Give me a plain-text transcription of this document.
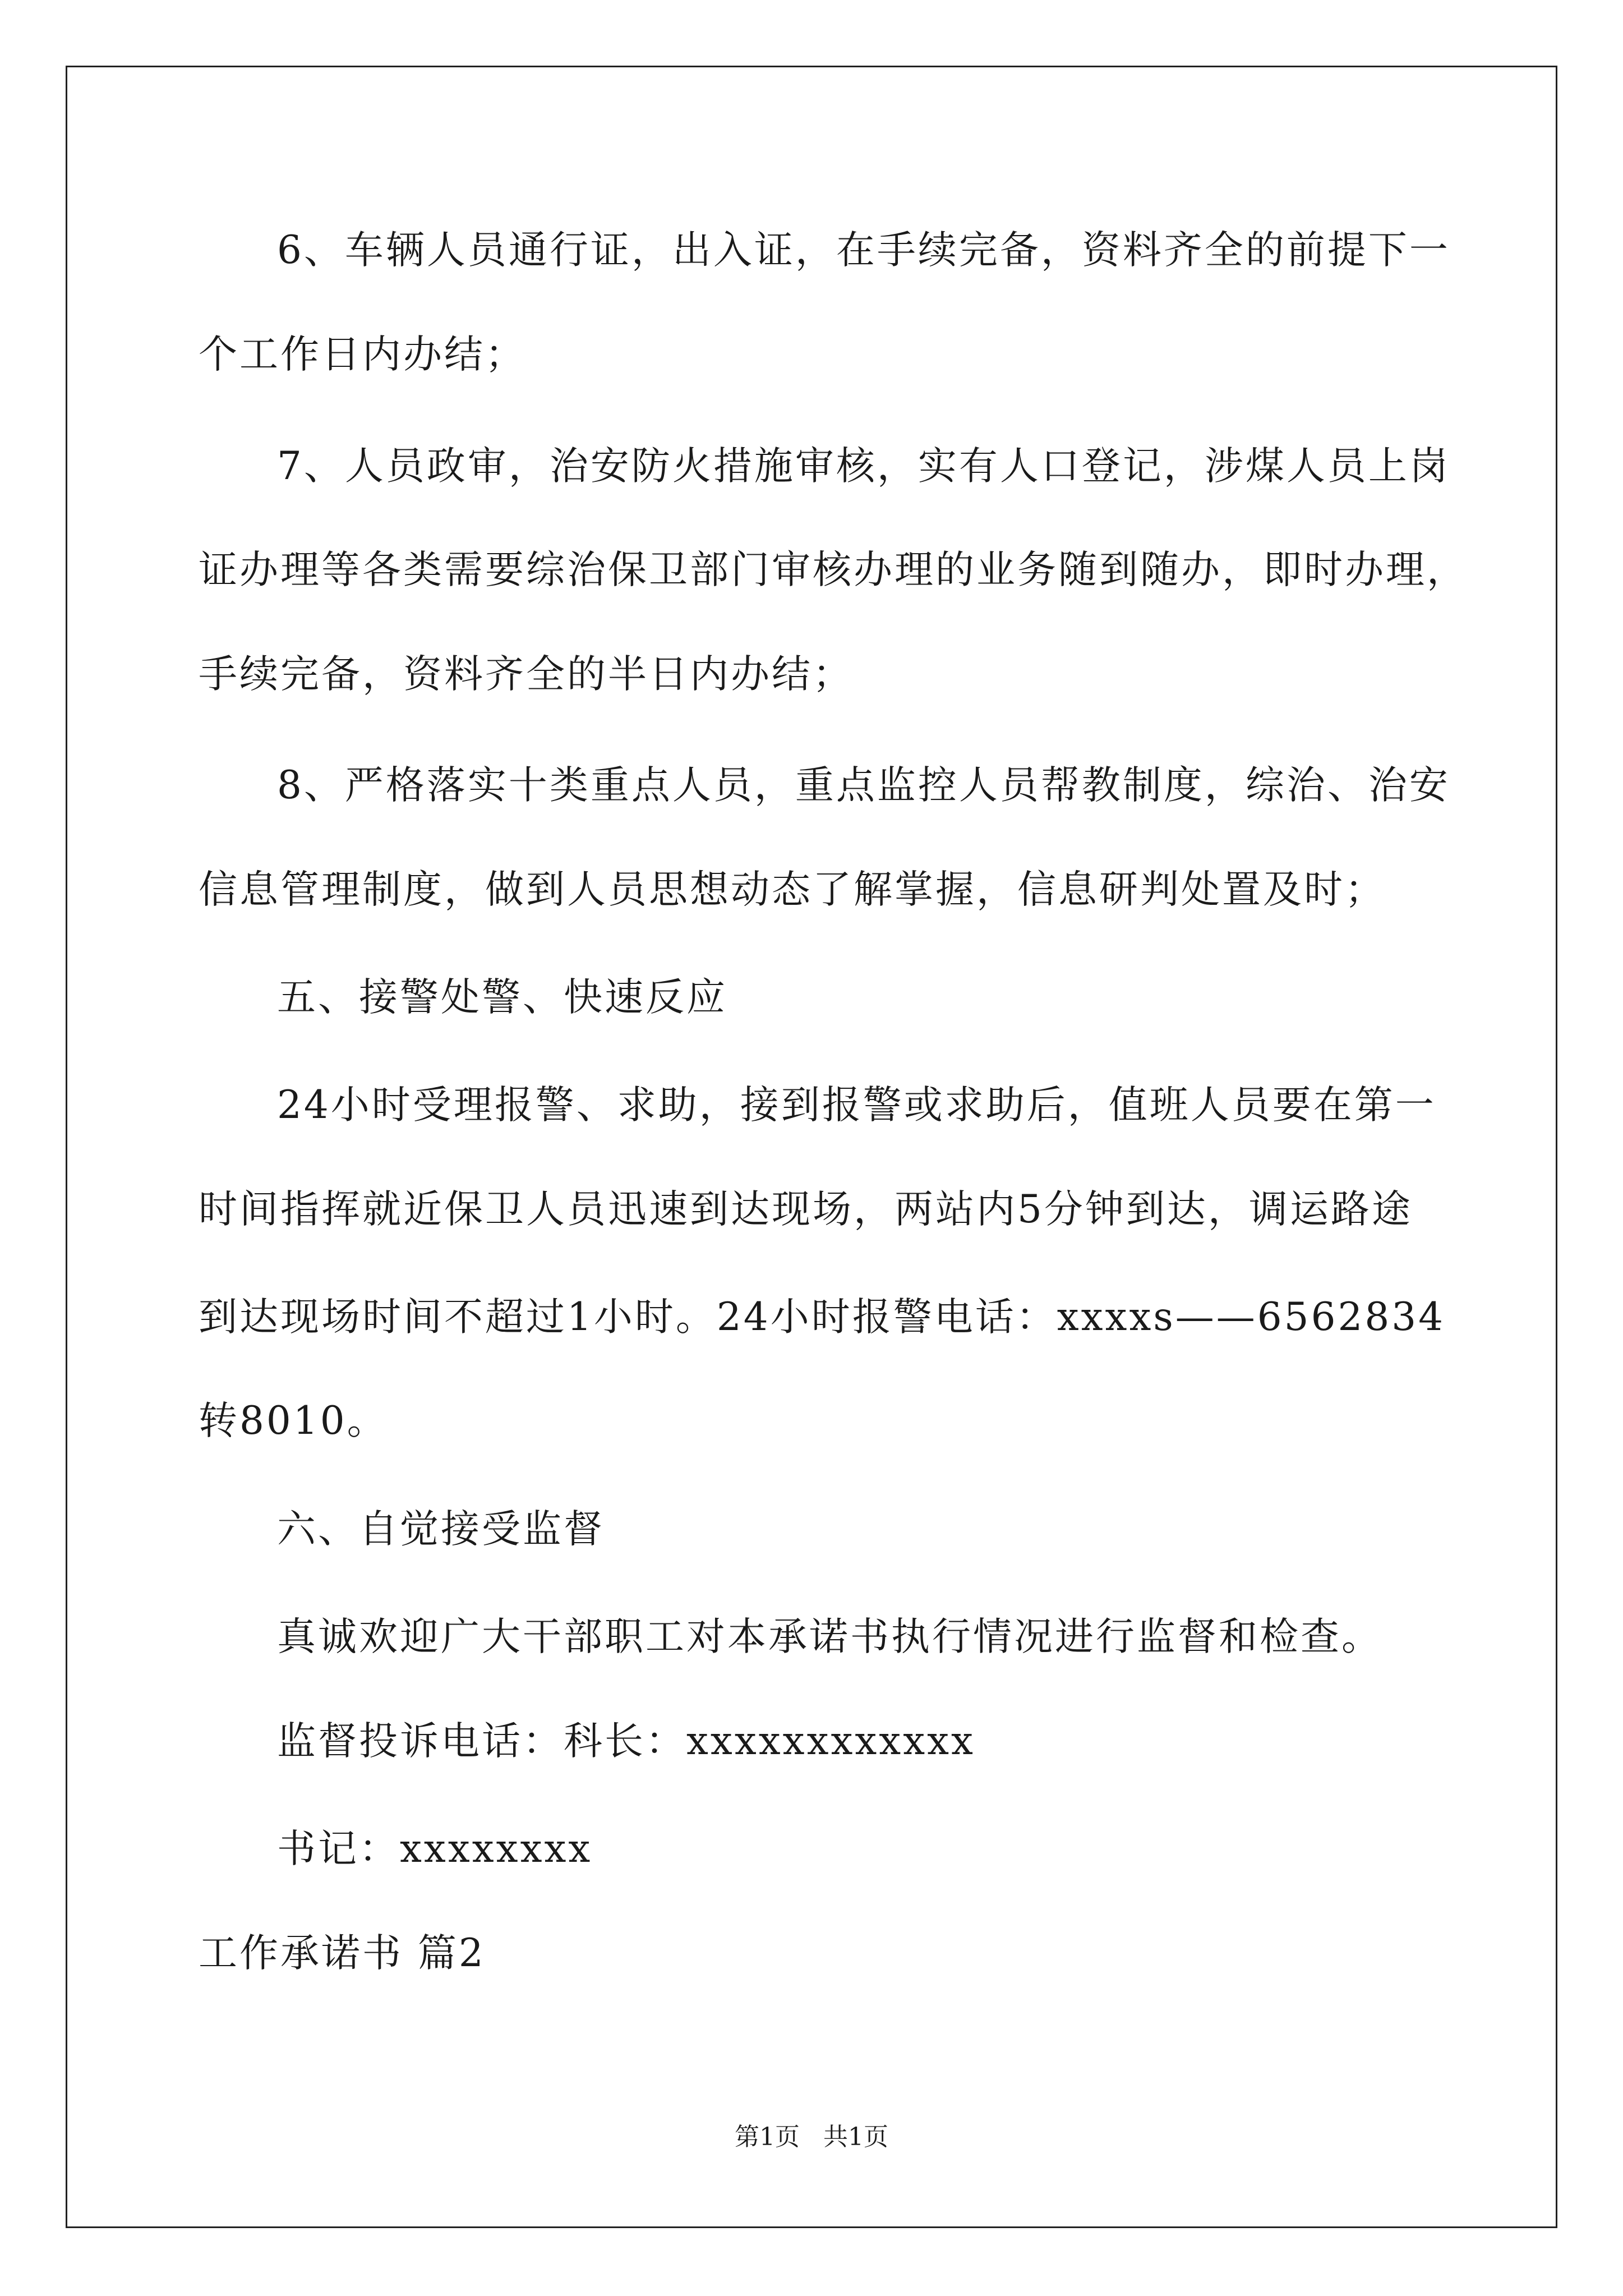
6、车辆人员通行证，出入证，在手续完备，资料齐全的前提下一
个工作日内办结；
7、人员政审，治安防火措施审核，实有人口登记，涉煤人员上岗
证办理等各类需要综治保卫部门审核办理的业务随到随办，即时办理，
手续完备，资料齐全的半日内办结；
8、严格落实十类重点人员，重点监控人员帮教制度，综治、治安
信息管理制度，做到人员思想动态了解掌握，信息研判处置及时；
五、接警处警、快速反应
24小时受理报警、求助，接到报警或求助后，值班人员要在第一
时间指挥就近保卫人员迅速到达现场，两站内5分钟到达，调运路途
到达现场时间不超过1小时。24小时报警电话：xxxxs——6562834
转8010。
六、自觉接受监督
真诚欢迎广大干部职工对本承诺书执行情况进行监督和检查。
监督投诉电话：科长：xxxxxxxxxxxx
书记：xxxxxxxx
工作承诺书 篇2
第1页   共1页
